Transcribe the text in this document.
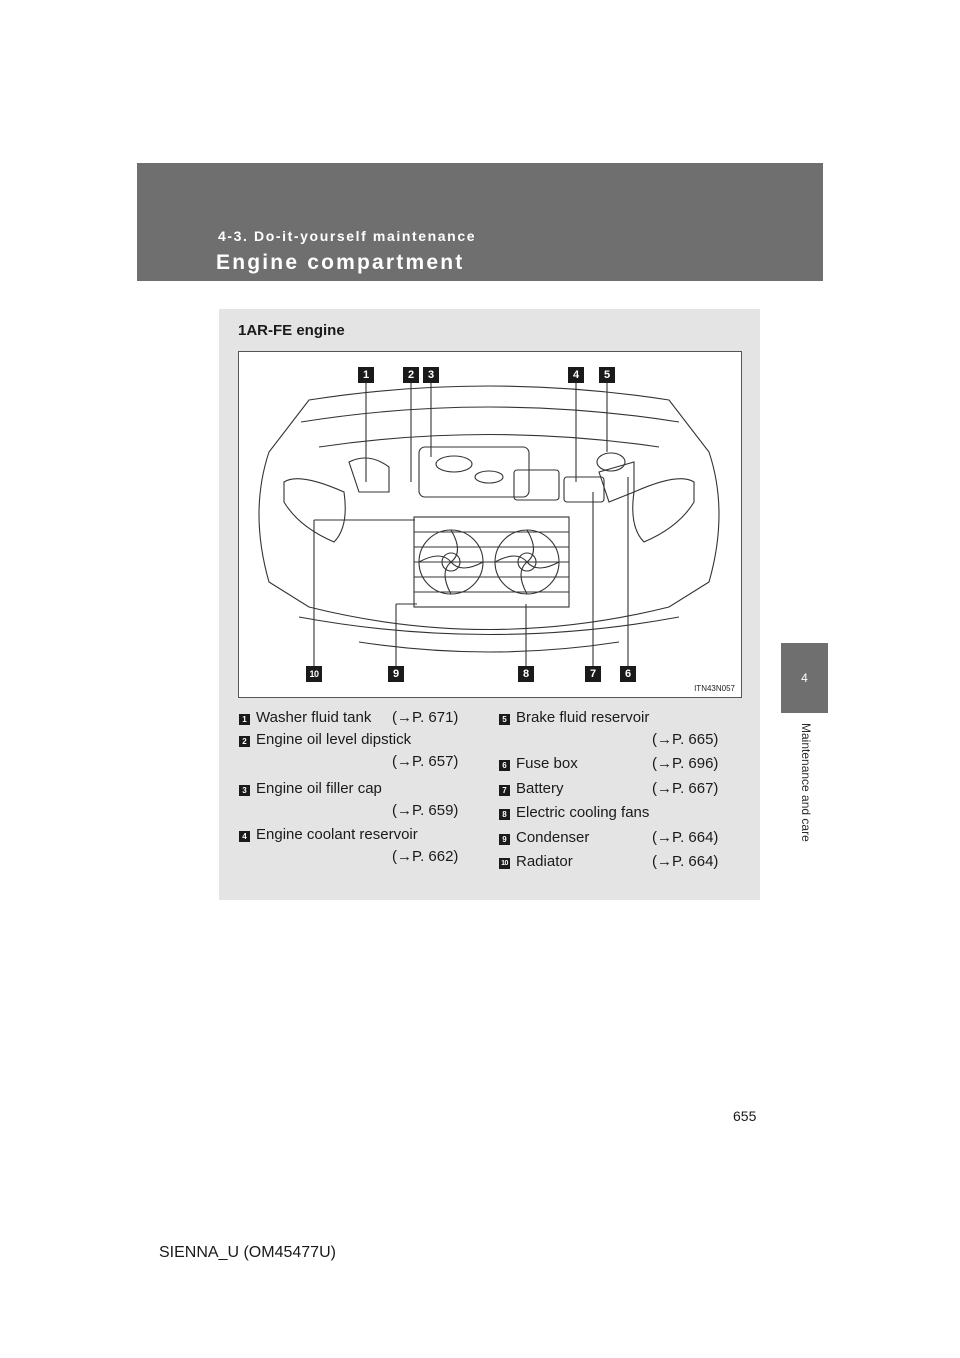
4-3. Do-it-yourself maintenance
Engine compartment
4
Maintenance and care
1AR-FE engine
1	2	3	4	5
6
7
8
9
10
ITN43N057
1 Washer fluid tank (→P. 671)
2 Engine oil level dipstick
(→P. 657)
3 Engine oil filler cap
(→P. 659)
4 Engine coolant reservoir
(→P. 662)
5 Brake fluid reservoir
(→P. 665)
6 Fuse box	(→P. 696)
7 Battery	(→P. 667)
8 Electric cooling fans
9 Condenser	(→P. 664)
10 Radiator	(→P. 664)
655
SIENNA_U (OM45477U)
